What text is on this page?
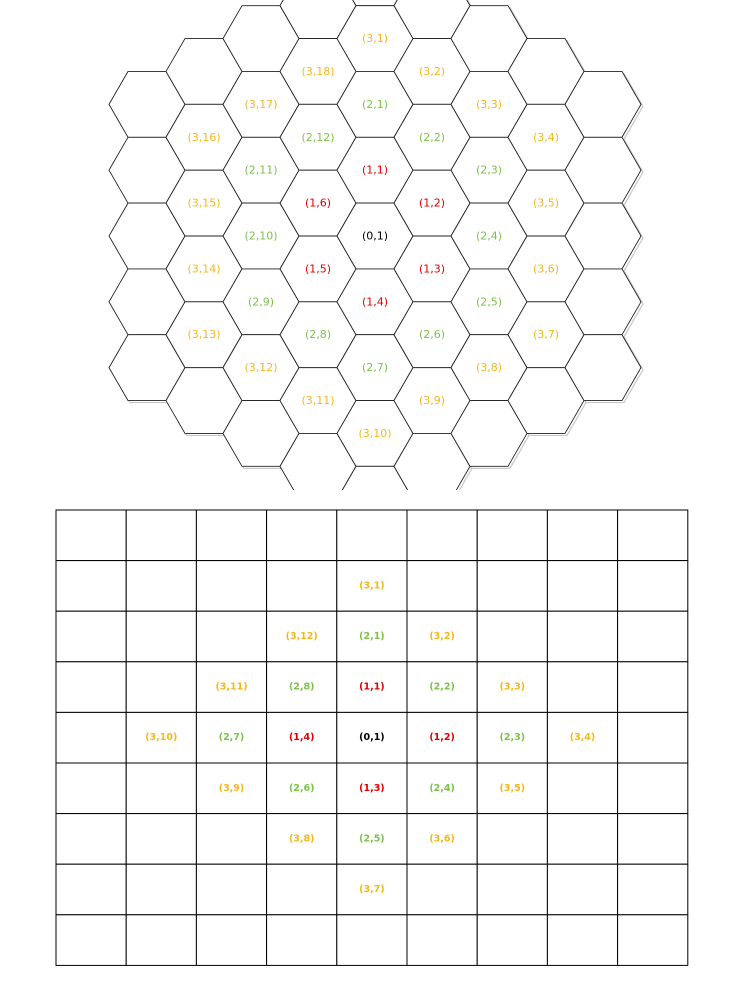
(0,1)
(1,1)
(1,2)
(1,3)
(1,4)
(1,5)
(1,6)
(2,1)
(2,2)
(2,3)
(2,4)
(2,5)
(2,6)
(2,7)
(2,8)
(2,9)
(2,10)
(2,11)
(2,12)
(3,1)
(3,2)
(3,3)
(3,4)
(3,5)
(3,6)
(3,7)
(3,8)
(3,9)
(3,10)
(3,11)
(3,12)
(3,13)
(3,14)
(3,15)
(3,16)
(3,17)
(3,18)
(3,1)
(3,12)	(2,1)	(3,2)
(3,11)	(2,8)	(1,1)	(2,2)	(3,3)
(3,10)	(2,7)	(1,4)	(0,1)	(1,2)	(2,3)	(3,4)
(3,9)	(2,6)	(1,3)	(2,4)	(3,5)
(3,8)	(2,5)	(3,6)
(3,7)
